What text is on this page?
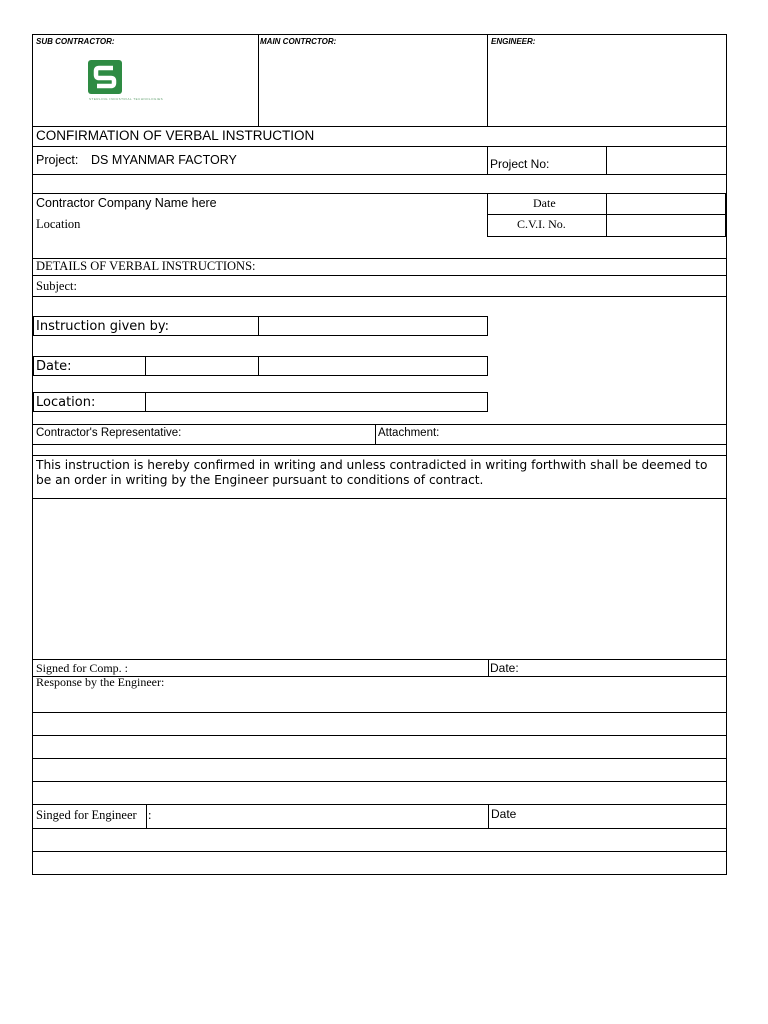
SUB CONTRACTOR:	MAIN CONTRCTOR:	ENGINEER:
STERLING INDUSTRIAL TECHNOLOGIES
CONFIRMATION OF VERBAL INSTRUCTION
Project: DS MYANMAR FACTORY	Project No:
Contractor Company Name here
Location
Date
C.V.I. No.
DETAILS OF VERBAL INSTRUCTIONS:
Subject:
Instruction given by:
Date:
Location:
Contractor's Representative:	Attachment:
This instruction is hereby confirmed in writing and unless contradicted in writing forthwith shall be deemed to be an order in writing by the Engineer pursuant to conditions of contract.
Signed for Comp. :	Date:
Response by the Engineer:
Singed for Engineer :	Date
